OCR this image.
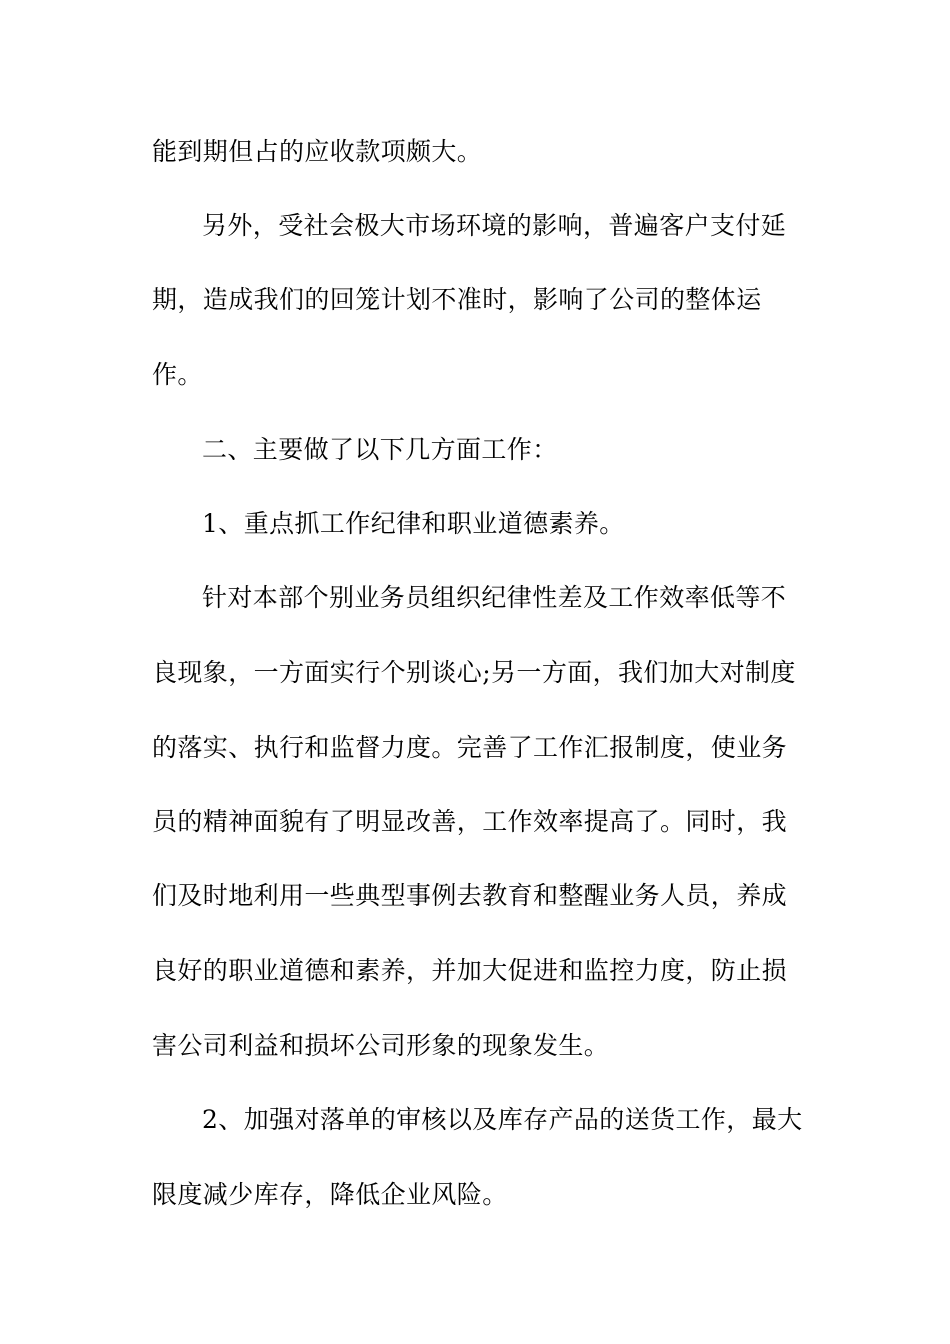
能到期但占的应收款项颇大。
另外，受社会极大市场环境的影响，普遍客户支付延
期，造成我们的回笼计划不准时，影响了公司的整体运
作。
二、主要做了以下几方面工作：
1、重点抓工作纪律和职业道德素养。
针对本部个别业务员组织纪律性差及工作效率低等不
良现象，一方面实行个别谈心;另一方面，我们加大对制度
的落实、执行和监督力度。完善了工作汇报制度，使业务
员的精神面貌有了明显改善，工作效率提高了。同时，我
们及时地利用一些典型事例去教育和整醒业务人员，养成
良好的职业道德和素养，并加大促进和监控力度，防止损
害公司利益和损坏公司形象的现象发生。
2、加强对落单的审核以及库存产品的送货工作，最大
限度减少库存，降低企业风险。
